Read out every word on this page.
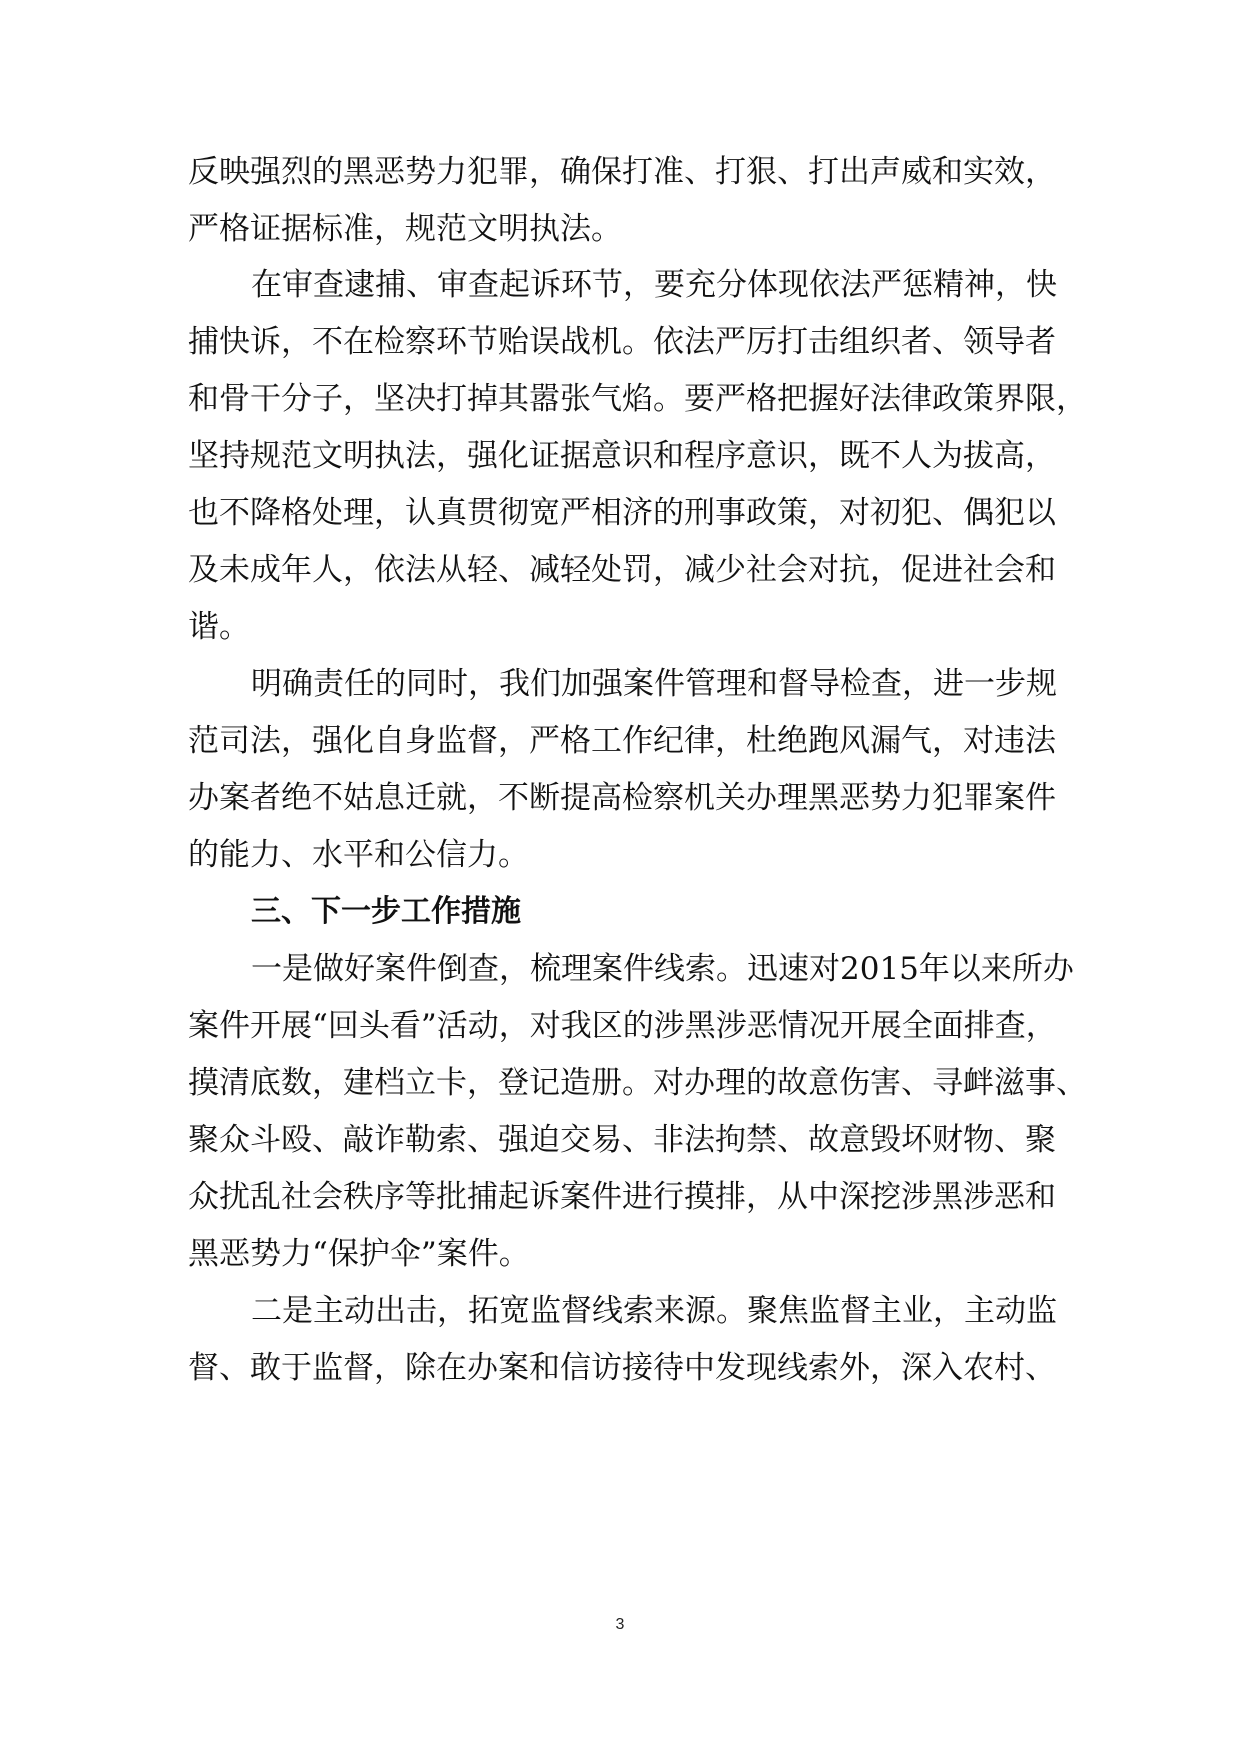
反映强烈的黑恶势力犯罪，确保打准、打狠、打出声威和实效，
严格证据标准，规范文明执法。
在审查逮捕、审查起诉环节，要充分体现依法严惩精神，快
捕快诉，不在检察环节贻误战机。依法严厉打击组织者、领导者
和骨干分子，坚决打掉其嚣张气焰。要严格把握好法律政策界限，
坚持规范文明执法，强化证据意识和程序意识，既不人为拔高，
也不降格处理，认真贯彻宽严相济的刑事政策，对初犯、偶犯以
及未成年人，依法从轻、减轻处罚，减少社会对抗，促进社会和
谐。
明确责任的同时，我们加强案件管理和督导检查，进一步规
范司法，强化自身监督，严格工作纪律，杜绝跑风漏气，对违法
办案者绝不姑息迁就，不断提高检察机关办理黑恶势力犯罪案件
的能力、水平和公信力。
三、下一步工作措施
一是做好案件倒查，梳理案件线索。迅速对2015年以来所办
案件开展“回头看”活动，对我区的涉黑涉恶情况开展全面排查，
摸清底数，建档立卡，登记造册。对办理的故意伤害、寻衅滋事、
聚众斗殴、敲诈勒索、强迫交易、非法拘禁、故意毁坏财物、聚
众扰乱社会秩序等批捕起诉案件进行摸排，从中深挖涉黑涉恶和
黑恶势力“保护伞”案件。
二是主动出击，拓宽监督线索来源。聚焦监督主业，主动监
督、敢于监督，除在办案和信访接待中发现线索外，深入农村、
3
